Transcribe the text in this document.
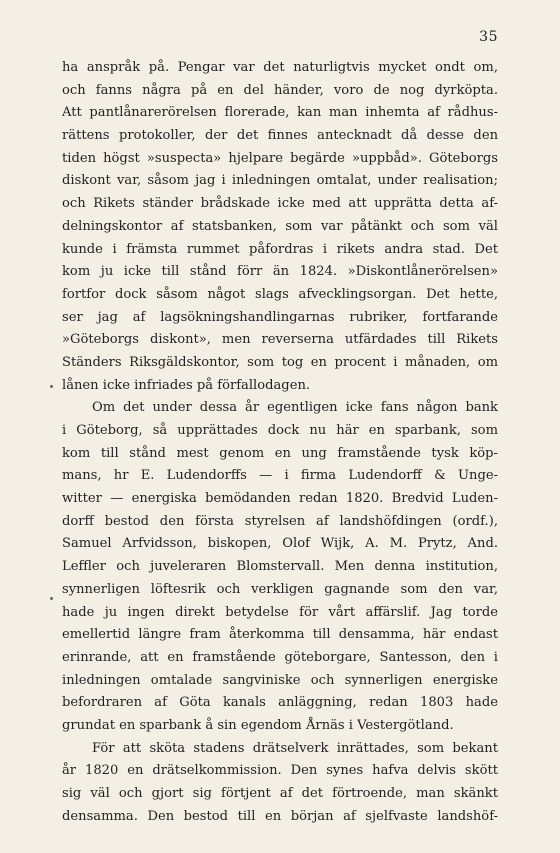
35
ha anspråk på. Pengar var det naturligtvis mycket ondt om,
och fanns några på en del händer, voro de nog dyrköpta.
Att pantlånarerörelsen florerade, kan man inhemta af rådhus-
rättens protokoller, der det finnes antecknadt då desse den
tiden högst »suspecta» hjelpare begärde »uppbåd». Göteborgs
diskont var, såsom jag i inledningen omtalat, under realisation;
och Rikets ständer brådskade icke med att upprätta detta af-
delningskontor af statsbanken, som var påtänkt och som väl
kunde i främsta rummet påfordras i rikets andra stad. Det
kom ju icke till stånd förr än 1824. »Diskontlånerörelsen»
fortfor dock såsom något slags afvecklingsorgan. Det hette,
ser jag af lagsökningshandlingarnas rubriker, fortfarande
»Göteborgs diskont», men reverserna utfärdades till Rikets
Ständers Riksgäldskontor, som tog en procent i månaden, om
lånen icke infriades på förfallodagen.
Om det under dessa år egentligen icke fans någon bank
i Göteborg, så upprättades dock nu här en sparbank, som
kom till stånd mest genom en ung framstående tysk köp-
mans, hr E. Ludendorffs — i firma Ludendorff & Unge-
witter — energiska bemödanden redan 1820. Bredvid Luden-
dorff bestod den första styrelsen af landshöfdingen (ordf.),
Samuel Arfvidsson, biskopen, Olof Wijk, A. M. Prytz, And.
Leffler och juveleraren Blomstervall. Men denna institution,
synnerligen löftesrik och verkligen gagnande som den var,
hade ju ingen direkt betydelse för vårt affärslif. Jag torde
emellertid längre fram återkomma till densamma, här endast
erinrande, att en framstående göteborgare, Santesson, den i
inledningen omtalade sangviniske och synnerligen energiske
befordraren af Göta kanals anläggning, redan 1803 hade
grundat en sparbank å sin egendom Årnäs i Vestergötland.
För att sköta stadens drätselverk inrättades, som bekant
år 1820 en drätselkommission. Den synes hafva delvis skött
sig väl och gjort sig förtjent af det förtroende, man skänkt
densamma. Den bestod till en början af sjelfvaste landshöf-
